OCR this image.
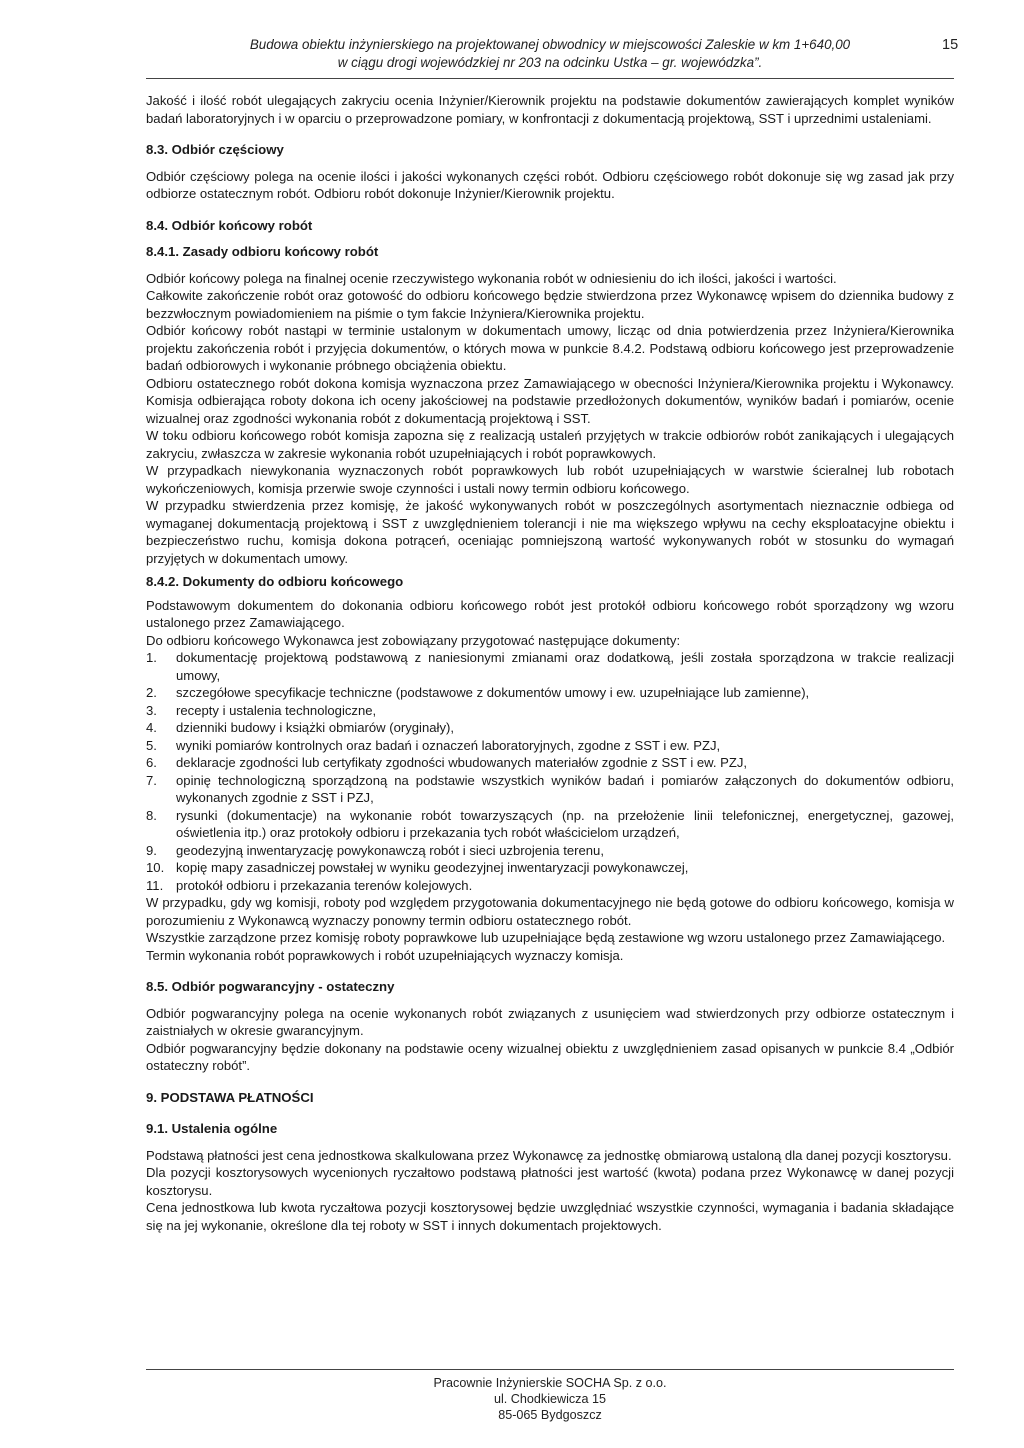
Budowa obiektu inżynierskiego na projektowanej obwodnicy w miejscowości Zaleskie w km 1+640,00
w ciągu drogi wojewódzkiej nr 203 na odcinku Ustka – gr. wojewódzka”.
15

Jakość i ilość robót ulegających zakryciu ocenia Inżynier/Kierownik projektu na podstawie dokumentów zawierających komplet wyników badań laboratoryjnych i w oparciu o przeprowadzone pomiary, w konfrontacji z dokumentacją projektową, SST i uprzednimi ustaleniami.

8.3. Odbiór częściowy

Odbiór częściowy polega na ocenie ilości i jakości wykonanych części robót. Odbioru częściowego robót dokonuje się wg zasad jak przy odbiorze ostatecznym robót. Odbioru robót dokonuje Inżynier/Kierownik projektu.

8.4. Odbiór końcowy robót

8.4.1. Zasady odbioru końcowy robót

Odbiór końcowy polega na finalnej ocenie rzeczywistego wykonania robót w odniesieniu do ich ilości, jakości i wartości.

Całkowite zakończenie robót oraz gotowość do odbioru końcowego będzie stwierdzona przez Wykonawcę wpisem do dziennika budowy z bezzwłocznym powiadomieniem na piśmie o tym fakcie Inżyniera/Kierownika projektu.

Odbiór końcowy robót nastąpi w terminie ustalonym w dokumentach umowy, licząc od dnia potwierdzenia przez Inżyniera/Kierownika projektu zakończenia robót i przyjęcia dokumentów, o których mowa w punkcie 8.4.2. Podstawą odbioru końcowego jest przeprowadzenie badań odbiorowych i wykonanie próbnego obciążenia obiektu.

Odbioru ostatecznego robót dokona komisja wyznaczona przez Zamawiającego w obecności Inżyniera/Kierownika projektu i Wykonawcy. Komisja odbierająca roboty dokona ich oceny jakościowej na podstawie przedłożonych dokumentów, wyników badań i pomiarów, ocenie wizualnej oraz zgodności wykonania robót z dokumentacją projektową i SST.

W toku odbioru końcowego robót komisja zapozna się z realizacją ustaleń przyjętych w trakcie odbiorów robót zanikających i ulegających zakryciu, zwłaszcza w zakresie wykonania robót uzupełniających i robót poprawkowych.

W przypadkach niewykonania wyznaczonych robót poprawkowych lub robót uzupełniających w warstwie ścieralnej lub robotach wykończeniowych, komisja przerwie swoje czynności i ustali nowy termin odbioru końcowego.

W przypadku stwierdzenia przez komisję, że jakość wykonywanych robót w poszczególnych asortymentach nieznacznie odbiega od wymaganej dokumentacją projektową i SST z uwzględnieniem tolerancji i nie ma większego wpływu na cechy eksploatacyjne obiektu i bezpieczeństwo ruchu, komisja dokona potrąceń, oceniając pomniejszoną wartość wykonywanych robót w stosunku do wymagań przyjętych w dokumentach umowy.

8.4.2. Dokumenty do odbioru końcowego

Podstawowym dokumentem do dokonania odbioru końcowego robót jest protokół odbioru końcowego robót sporządzony wg wzoru ustalonego przez Zamawiającego.

Do odbioru końcowego Wykonawca jest zobowiązany przygotować następujące dokumenty:

1. dokumentację projektową podstawową z naniesionymi zmianami oraz dodatkową, jeśli została sporządzona w trakcie realizacji umowy,
2. szczegółowe specyfikacje techniczne (podstawowe z dokumentów umowy i ew. uzupełniające lub zamienne),
3. recepty i ustalenia technologiczne,
4. dzienniki budowy i książki obmiarów (oryginały),
5. wyniki pomiarów kontrolnych oraz badań i oznaczeń laboratoryjnych, zgodne z SST i ew. PZJ,
6. deklaracje zgodności lub certyfikaty zgodności wbudowanych materiałów zgodnie z SST i ew. PZJ,
7. opinię technologiczną sporządzoną na podstawie wszystkich wyników badań i pomiarów załączonych do dokumentów odbioru, wykonanych zgodnie z SST i PZJ,
8. rysunki (dokumentacje) na wykonanie robót towarzyszących (np. na przełożenie linii telefonicznej, energetycznej, gazowej, oświetlenia itp.) oraz protokoły odbioru i przekazania tych robót właścicielom urządzeń,
9. geodezyjną inwentaryzację powykonawczą robót i sieci uzbrojenia terenu,
10. kopię mapy zasadniczej powstałej w wyniku geodezyjnej inwentaryzacji powykonawczej,
11. protokół odbioru i przekazania terenów kolejowych.

W przypadku, gdy wg komisji, roboty pod względem przygotowania dokumentacyjnego nie będą gotowe do odbioru końcowego, komisja w porozumieniu z Wykonawcą wyznaczy ponowny termin odbioru ostatecznego robót.

Wszystkie zarządzone przez komisję roboty poprawkowe lub uzupełniające będą zestawione wg wzoru ustalonego przez Zamawiającego.

Termin wykonania robót poprawkowych i robót uzupełniających wyznaczy komisja.

8.5. Odbiór pogwarancyjny - ostateczny

Odbiór pogwarancyjny polega na ocenie wykonanych robót związanych z usunięciem wad stwierdzonych przy odbiorze ostatecznym i zaistniałych w okresie gwarancyjnym.

Odbiór pogwarancyjny będzie dokonany na podstawie oceny wizualnej obiektu z uwzględnieniem zasad opisanych w punkcie 8.4 „Odbiór ostateczny robót”.

9. PODSTAWA PŁATNOŚCI

9.1. Ustalenia ogólne

Podstawą płatności jest cena jednostkowa skalkulowana przez Wykonawcę za jednostkę obmiarową ustaloną dla danej pozycji kosztorysu.

Dla pozycji kosztorysowych wycenionych ryczałtowo podstawą płatności jest wartość (kwota) podana przez Wykonawcę w danej pozycji kosztorysu.

Cena jednostkowa lub kwota ryczałtowa pozycji kosztorysowej będzie uwzględniać wszystkie czynności, wymagania i badania składające się na jej wykonanie, określone dla tej roboty w SST i innych dokumentach projektowych.

Pracownie Inżynierskie SOCHA Sp. z o.o.
ul. Chodkiewicza 15
85-065 Bydgoszcz
